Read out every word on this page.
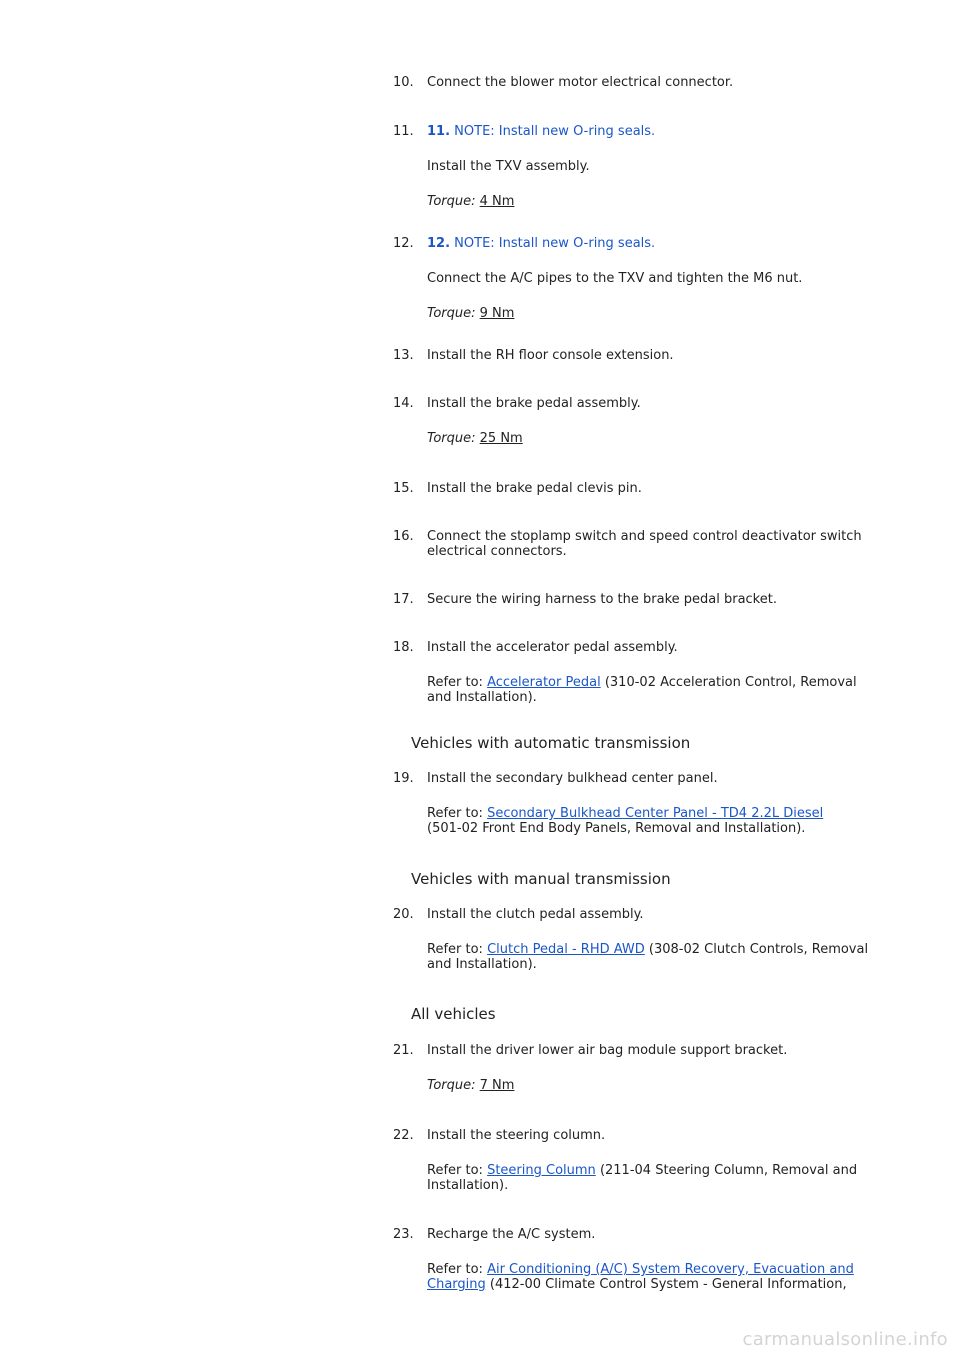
10.	Connect the blower motor electrical connector.

11.	11. NOTE: Install new O-ring seals.

Install the TXV assembly.

Torque: 4 Nm

12.	12. NOTE: Install new O-ring seals.

Connect the A/C pipes to the TXV and tighten the M6 nut.

Torque: 9 Nm

13.	Install the RH floor console extension.

14.	Install the brake pedal assembly.

Torque: 25 Nm

15.	Install the brake pedal clevis pin.

16.	Connect the stoplamp switch and speed control deactivator switch

electrical connectors.

17.	Secure the wiring harness to the brake pedal bracket.

18.	Install the accelerator pedal assembly.

Refer to: Accelerator Pedal (310-02 Acceleration Control, Removal

and Installation).

Vehicles with automatic transmission
19.	Install the secondary bulkhead center panel.

Refer to: Secondary Bulkhead Center Panel - TD4 2.2L Diesel

(501-02 Front End Body Panels, Removal and Installation).

Vehicles with manual transmission
20.	Install the clutch pedal assembly.

Refer to: Clutch Pedal - RHD AWD (308-02 Clutch Controls, Removal

and Installation).

All vehicles
21.	Install the driver lower air bag module support bracket.

Torque: 7 Nm

22.	Install the steering column.

Refer to: Steering Column (211-04 Steering Column, Removal and

Installation).

23.	Recharge the A/C system.

Refer to: Air Conditioning (A/C) System Recovery, Evacuation and

Charging (412-00 Climate Control System - General Information,

carmanualsonline.info
